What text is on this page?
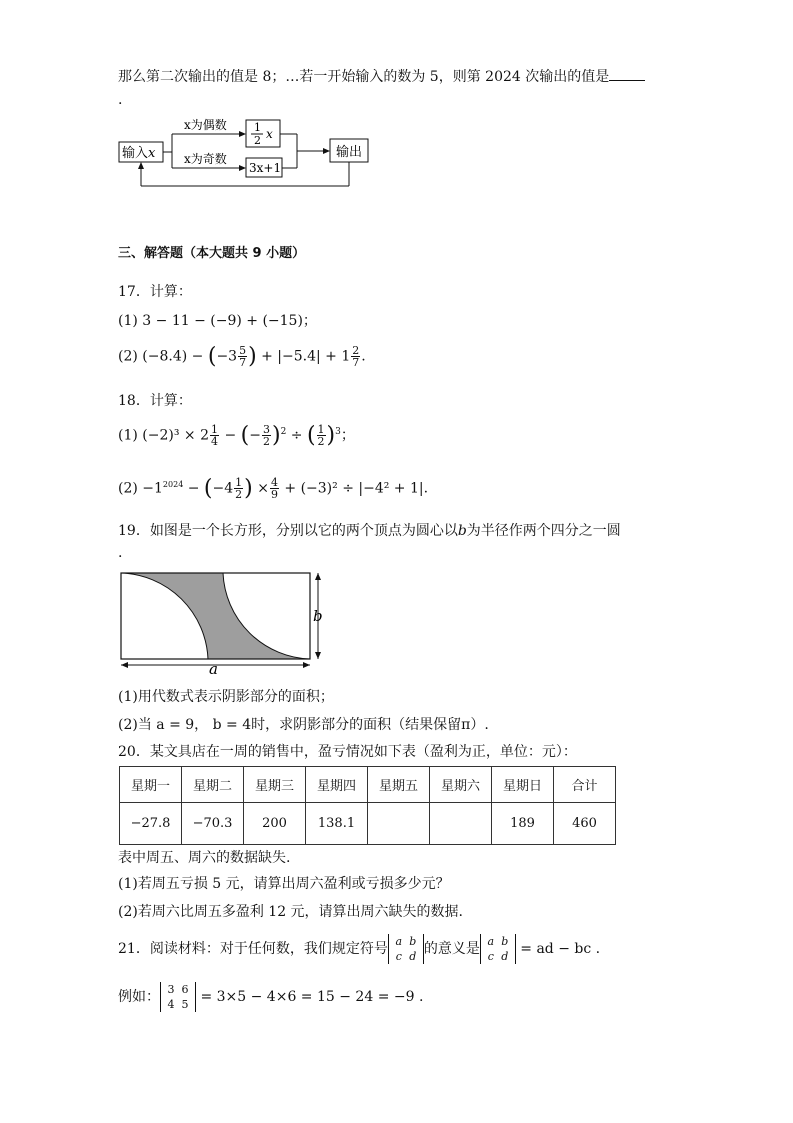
那么第二次输出的值是 8；…若一开始输入的数为 5，则第 2024 次输出的值是
.
输入x
x为偶数
x为奇数
1
2 x
3x+1
输出
三、解答题（本大题共 9 小题）
17．计算：
(1) 3 − 11 − (−9) + (−15)；
(2) $(-8.4) - (-3 \frac{5}{7}$ ) + $|-5.4| + 1 \frac{2}{7}$ .
18．计算：
(1) $(-2)^3 \times 2 \frac{1}{4}$ − (− $\frac{3}{2} )^2$ ÷ ( $\frac{1}{2} )^3$；
$(2) -1^{2024} - (-4 \frac{1}{2}$ ) × $\frac{4}{9} + (-3)^2 \div |-4^2 + 1|$.
19．如图是一个长方形，分别以它的两个顶点为圆心以b为半径作两个四分之一圆
.
b
a
(1)用代数式表示阴影部分的面积；
(2)当 a = 9， b = 4时，求阴影部分的面积（结果保留π）.
20．某文具店在一周的销售中，盈亏情况如下表（盈利为正，单位：元）：
星期一	星期二	星期三	星期四	星期五	星期六	星期日	合计
−27.8	−70.3	200	138.1			189	460
表中周五、周六的数据缺失.
(1)若周五亏损 5 元，请算出周六盈利或亏损多少元？
(2)若周六比周五多盈利 12 元，请算出周六缺失的数据.
21．阅读材料：对于任何数，我们规定符号 a b
c d 的意义是 a b
c d = ad − bc .
例如： 3 6
4 5 = 3×5 − 4×6 = 15 − 24 = −9 .
